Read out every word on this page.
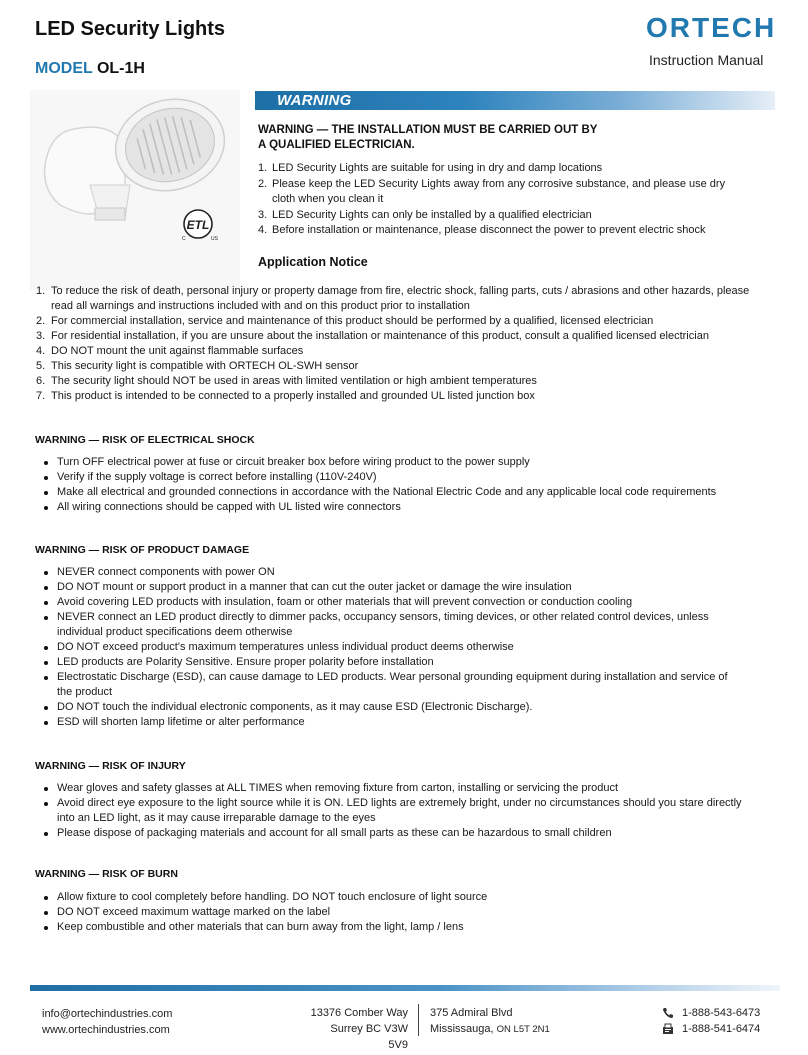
LED Security Lights
MODEL OL-1H
ORTECH
Instruction Manual
ETL
C	US
WARNING
WARNING — THE INSTALLATION MUST BE CARRIED OUT BY
A QUALIFIED ELECTRICIAN.
1. LED Security Lights are suitable for using in dry and damp locations
2. Please keep the LED Security Lights away from any corrosive substance, and please use dry cloth when you clean it
3. LED Security Lights can only be installed by a qualified electrician
4. Before installation or maintenance, please disconnect the power to prevent electric shock
Application Notice
1. To reduce the risk of death, personal injury or property damage from fire, electric shock, falling parts, cuts / abrasions and other hazards, please read all warnings and instructions included with and on this product prior to installation
2. For commercial installation, service and maintenance of this product should be performed by a qualified, licensed electrician
3. For residential installation, if you are unsure about the installation or maintenance of this product, consult a qualified licensed electrician
4. DO NOT mount the unit against flammable surfaces
5. This security light is compatible with ORTECH OL-SWH sensor
6. The security light should NOT be used in areas with limited ventilation or high ambient temperatures
7. This product is intended to be connected to a properly installed and grounded UL listed junction box
WARNING — RISK OF ELECTRICAL SHOCK
Turn OFF electrical power at fuse or circuit breaker box before wiring product to the power supply
Verify if the supply voltage is correct before installing (110V-240V)
Make all electrical and grounded connections in accordance with the National Electric Code and any applicable local code requirements
All wiring connections should be capped with UL listed wire connectors
WARNING — RISK OF PRODUCT DAMAGE
NEVER connect components with power ON
DO NOT mount or support product in a manner that can cut the outer jacket or damage the wire insulation
Avoid covering LED products with insulation, foam or other materials that will prevent convection or conduction cooling
NEVER connect an LED product directly to dimmer packs, occupancy sensors, timing devices, or other related control devices, unless individual product specifications deem otherwise
DO NOT exceed product's maximum temperatures unless individual product deems otherwise
LED products are Polarity Sensitive. Ensure proper polarity before installation
Electrostatic Discharge (ESD), can cause damage to LED products. Wear personal grounding equipment during installation and service of the product
DO NOT touch the individual electronic components, as it may cause ESD (Electronic Discharge).
ESD will shorten lamp lifetime or alter performance
WARNING — RISK OF INJURY
Wear gloves and safety glasses at ALL TIMES when removing fixture from carton, installing or servicing the product
Avoid direct eye exposure to the light source while it is ON. LED lights are extremely bright, under no circumstances should you stare directly into an LED light, as it may cause irreparable damage to the eyes
Please dispose of packaging materials and account for all small parts as these can be hazardous to small children
WARNING — RISK OF BURN
Allow fixture to cool completely before handling. DO NOT touch enclosure of light source
DO NOT exceed maximum wattage marked on the label
Keep combustible and other materials that can burn away from the light, lamp / lens
info@ortechindustries.com
www.ortechindustries.com
13376 Comber Way
Surrey BC V3W 5V9
375 Admiral Blvd
Mississauga, ON L5T 2N1
1-888-543-6473
1-888-541-6474
